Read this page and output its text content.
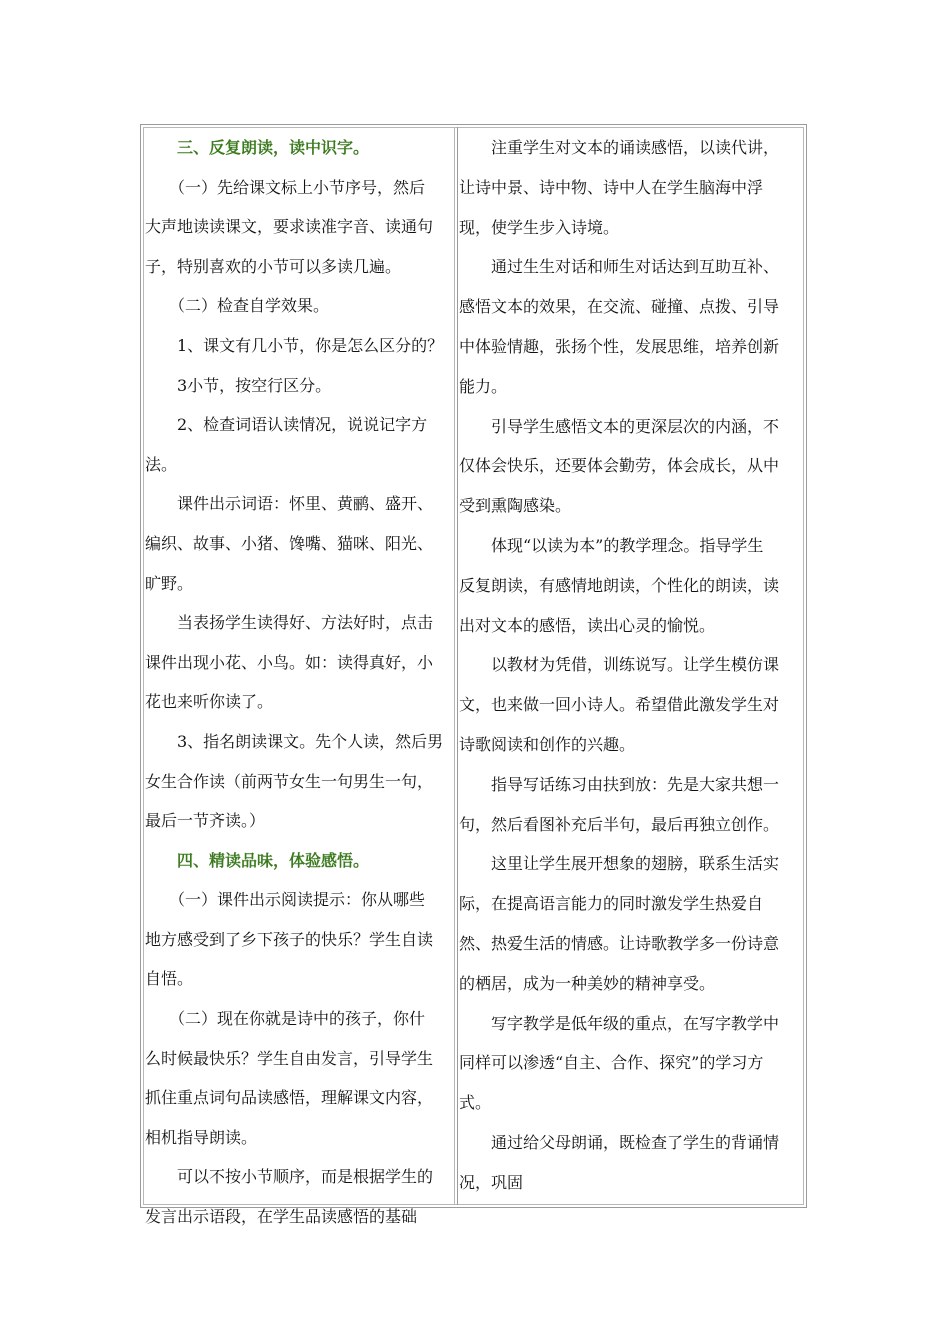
　　三、反复朗读，读中识字。
　　（一）先给课文标上小节序号，然后
大声地读读课文，要求读准字音、读通句
子，特别喜欢的小节可以多读几遍。
　　（二）检查自学效果。
　　1、课文有几小节，你是怎么区分的？
　　3小节，按空行区分。
　　2、检查词语认读情况，说说记字方
法。
　　课件出示词语：怀里、黄鹂、盛开、
编织、故事、小猪、馋嘴、猫咪、阳光、
旷野。
　　当表扬学生读得好、方法好时，点击
课件出现小花、小鸟。如：读得真好，小
花也来听你读了。
　　3、指名朗读课文。先个人读，然后男
女生合作读（前两节女生一句男生一句，
最后一节齐读。）
　　四、精读品味，体验感悟。
　　（一）课件出示阅读提示：你从哪些
地方感受到了乡下孩子的快乐？学生自读
自悟。
　　（二）现在你就是诗中的孩子，你什
么时候最快乐？学生自由发言，引导学生
抓住重点词句品读感悟，理解课文内容，
相机指导朗读。
　　可以不按小节顺序，而是根据学生的
发言出示语段，在学生品读感悟的基础
　　注重学生对文本的诵读感悟，以读代讲，
让诗中景、诗中物、诗中人在学生脑海中浮
现，使学生步入诗境。
　　通过生生对话和师生对话达到互助互补、
感悟文本的效果，在交流、碰撞、点拨、引导
中体验情趣，张扬个性，发展思维，培养创新
能力。
　　引导学生感悟文本的更深层次的内涵，不
仅体会快乐，还要体会勤劳，体会成长，从中
受到熏陶感染。
　　体现“以读为本”的教学理念。指导学生
反复朗读，有感情地朗读，个性化的朗读，读
出对文本的感悟，读出心灵的愉悦。
　　以教材为凭借，训练说写。让学生模仿课
文，也来做一回小诗人。希望借此激发学生对
诗歌阅读和创作的兴趣。
　　指导写话练习由扶到放：先是大家共想一
句，然后看图补充后半句，最后再独立创作。
　　这里让学生展开想象的翅膀，联系生活实
际，在提高语言能力的同时激发学生热爱自
然、热爱生活的情感。让诗歌教学多一份诗意
的栖居，成为一种美妙的精神享受。
　　写字教学是低年级的重点，在写字教学中
同样可以渗透“自主、合作、探究”的学习方
式。
　　通过给父母朗诵，既检查了学生的背诵情
况，巩固
